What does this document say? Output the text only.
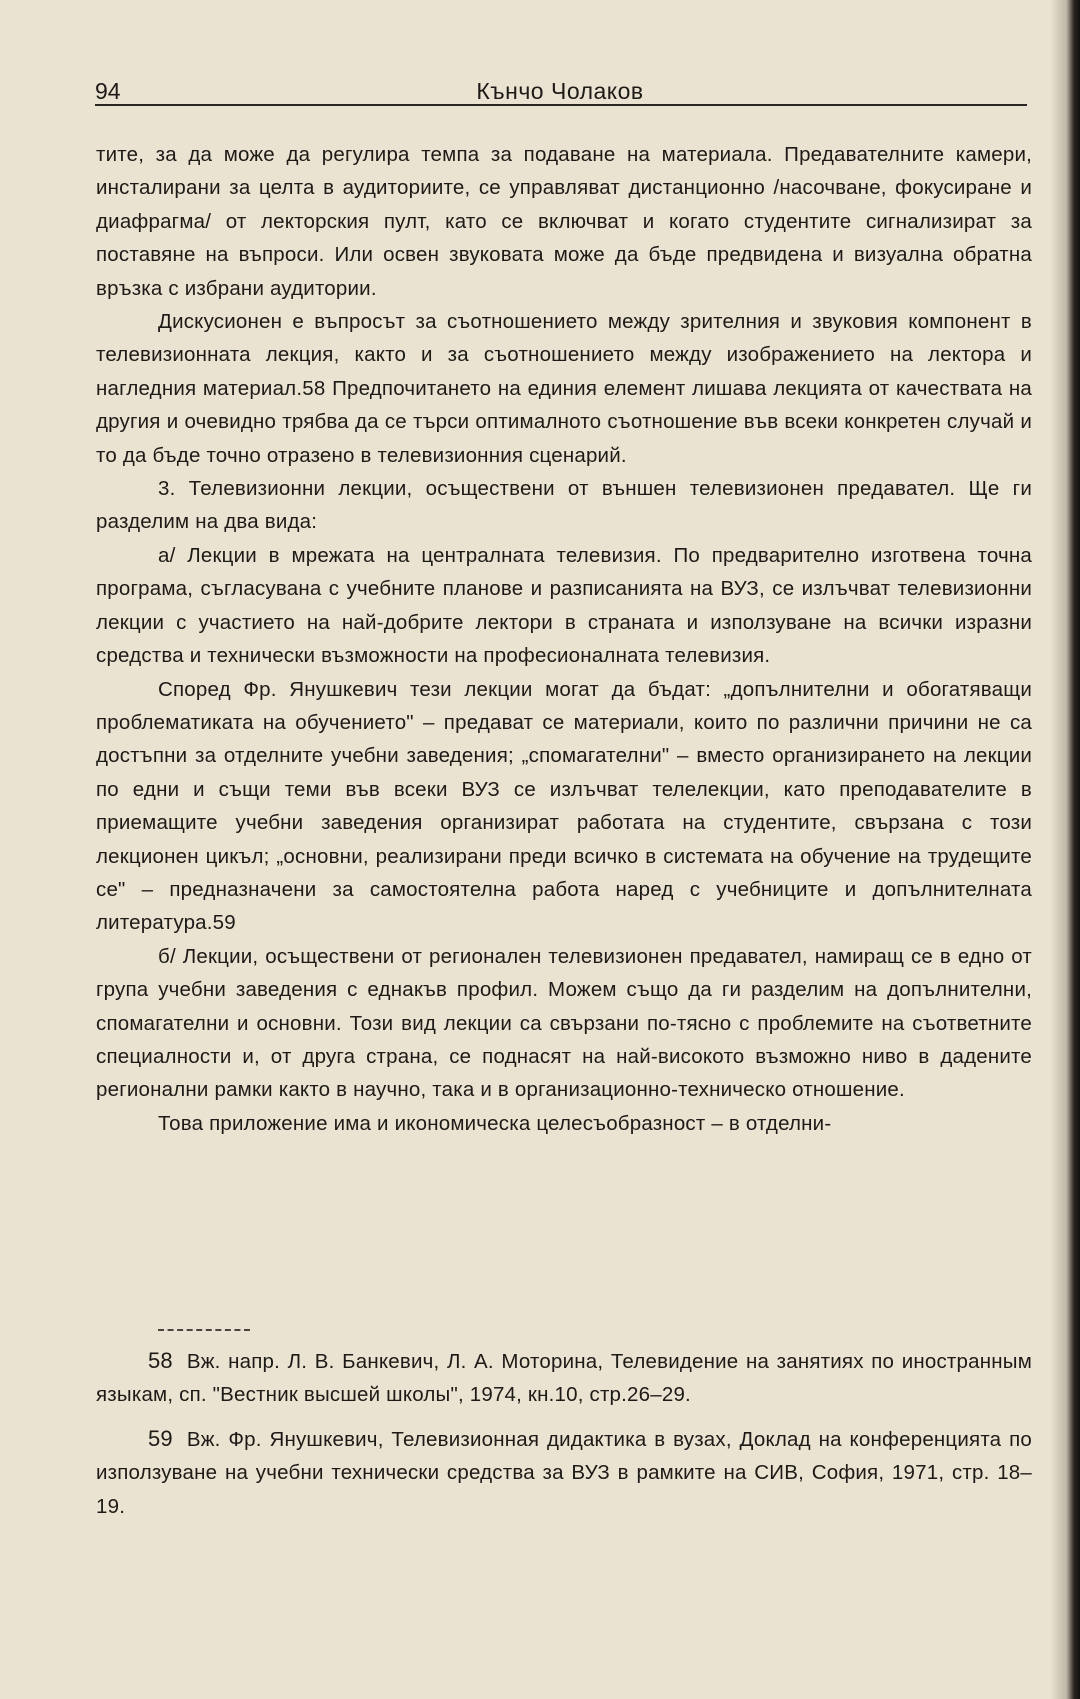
94	Кънчо Чолаков

тите, за да може да регулира темпа за подаване на материала. Предавателните камери, инсталирани за целта в аудиториите, се управляват дистанционно /насочване, фокусиране и диафрагма/ от лекторския пулт, като се включват и когато студентите сигнализират за поставяне на въпроси. Или освен звуковата може да бъде предвидена и визуална обратна връзка с избрани аудитории.

Дискусионен е въпросът за съотношението между зрителния и звуковия компонент в телевизионната лекция, както и за съотношението между изображението на лектора и нагледния материал.58 Предпочитането на единия елемент лишава лекцията от качествата на другия и очевидно трябва да се търси оптималното съотношение във всеки конкретен случай и то да бъде точно отразено в телевизионния сценарий.

3. Телевизионни лекции, осъществени от външен телевизионен предавател. Ще ги разделим на два вида:

а/ Лекции в мрежата на централната телевизия. По предварително изготвена точна програма, съгласувана с учебните планове и разписанията на ВУЗ, се излъчват телевизионни лекции с участието на най-добрите лектори в страната и използуване на всички изразни средства и технически възможности на професионалната телевизия.

Според Фр. Янушкевич тези лекции могат да бъдат: „допълнителни и обогатяващи проблематиката на обучението" – предават се материали, които по различни причини не са достъпни за отделните учебни заведения; „спомагателни" – вместо организирането на лекции по едни и същи теми във всеки ВУЗ се излъчват телелекции, като преподавателите в приемащите учебни заведения организират работата на студентите, свързана с този лекционен цикъл; „основни, реализирани преди всичко в системата на обучение на трудещите се" – предназначени за самостоятелна работа наред с учебниците и допълнителната литература.59

б/ Лекции, осъществени от регионален телевизионен предавател, намиращ се в едно от група учебни заведения с еднакъв профил. Можем също да ги разделим на допълнителни, спомагателни и основни. Този вид лекции са свързани по-тясно с проблемите на съответните специалности и, от друга страна, се поднасят на най-високото възможно ниво в дадените регионални рамки както в научно, така и в организационно-техническо отношение.

Това приложение има и икономическа целесъобразност – в отделни-

58 Вж. напр. Л. В. Банкевич, Л. А. Моторина, Телевидение на занятиях по иностранным языкам, сп. "Вестник высшей школы", 1974, кн.10, стр.26–29.

59 Вж. Фр. Янушкевич, Телевизионная дидактика в вузах, Доклад на конференцията по използуване на учебни технически средства за ВУЗ в рамките на СИВ, София, 1971, стр. 18–19.
